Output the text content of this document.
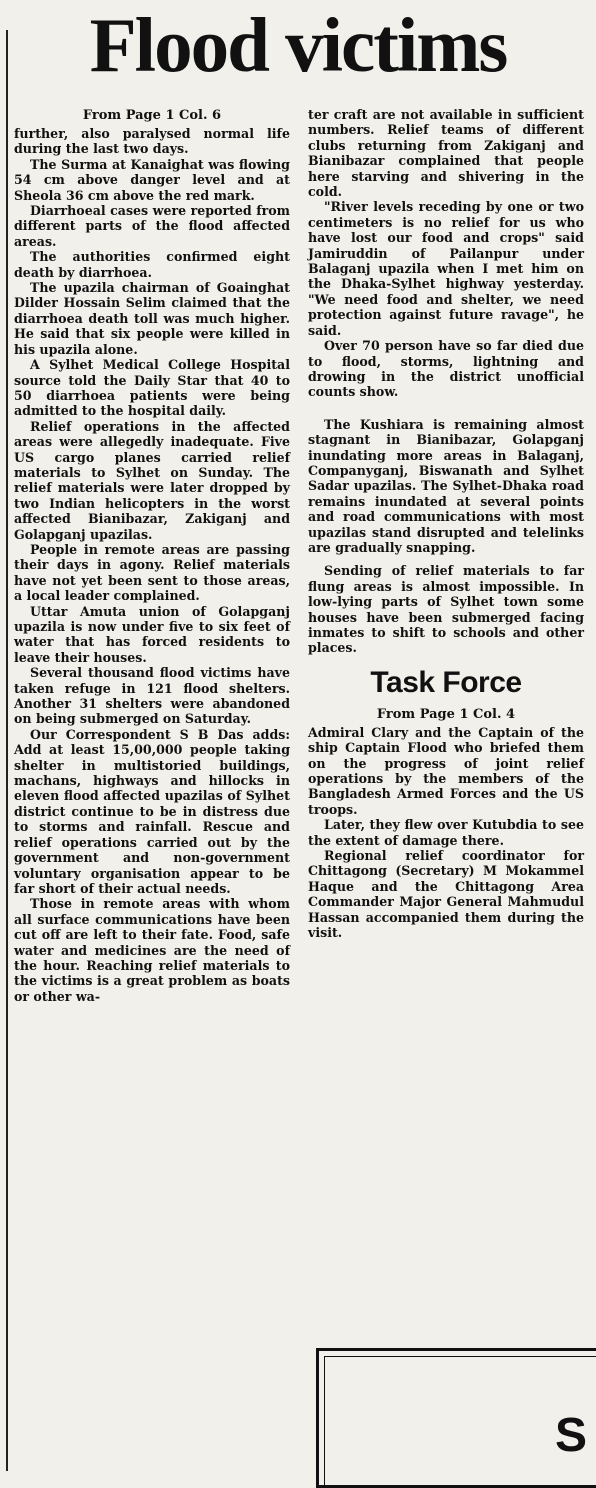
Flood victims
From Page 1 Col. 6

further, also paralysed normal life during the last two days.

The Surma at Kanaighat was flowing 54 cm above danger level and at Sheola 36 cm above the red mark.

Diarrhoeal cases were reported from different parts of the flood affected areas.

The authorities confirmed eight death by diarrhoea.

The upazila chairman of Goainghat Dilder Hossain Selim claimed that the diarrhoea death toll was much higher. He said that six people were killed in his upazila alone.

A Sylhet Medical College Hospital source told the Daily Star that 40 to 50 diarrhoea patients were being admitted to the hospital daily.

Relief operations in the affected areas were allegedly inadequate. Five US cargo planes carried relief materials to Sylhet on Sunday. The relief materials were later dropped by two Indian helicopters in the worst affected Bianibazar, Zakiganj and Golapganj upazilas.

People in remote areas are passing their days in agony. Relief materials have not yet been sent to those areas, a local leader complained.

Uttar Amuta union of Golapganj upazila is now under five to six feet of water that has forced residents to leave their houses.

Several thousand flood victims have taken refuge in 121 flood shelters. Another 31 shelters were abandoned on being submerged on Saturday.

Our Correspondent S B Das adds: Add at least 15,00,000 people taking shelter in multistoried buildings, machans, highways and hillocks in eleven flood affected upazilas of Sylhet district continue to be in distress due to storms and rainfall. Rescue and relief operations carried out by the government and non-government voluntary organisation appear to be far short of their actual needs.

Those in remote areas with whom all surface communications have been cut off are left to their fate. Food, safe water and medicines are the need of the hour. Reaching relief materials to the victims is a great problem as boats or other wa-

ter craft are not available in sufficient numbers. Relief teams of different clubs returning from Zakiganj and Bianibazar complained that people here starving and shivering in the cold.

"River levels receding by one or two centimeters is no relief for us who have lost our food and crops" said Jamiruddin of Pailanpur under Balaganj upazila when I met him on the Dhaka-Sylhet highway yesterday. "We need food and shelter, we need protection against future ravage", he said.

Over 70 person have so far died due to flood, storms, lightning and drowing in the district unofficial counts show.

The Kushiara is remaining almost stagnant in Bianibazar, Golapganj inundating more areas in Balaganj, Companyganj, Biswanath and Sylhet Sadar upazilas. The Sylhet-Dhaka road remains inundated at several points and road communications with most upazilas stand disrupted and telelinks are gradually snapping.

Sending of relief materials to far flung areas is almost impossible. In low-lying parts of Sylhet town some houses have been submerged facing inmates to shift to schools and other places.

Task Force
From Page 1 Col. 4

Admiral Clary and the Captain of the ship Captain Flood who briefed them on the progress of joint relief operations by the members of the Bangladesh Armed Forces and the US troops.

Later, they flew over Kutubdia to see the extent of damage there.

Regional relief coordinator for Chittagong (Secretary) M Mokammel Haque and the Chittagong Area Commander Major General Mahmudul Hassan accompanied them during the visit.

S
